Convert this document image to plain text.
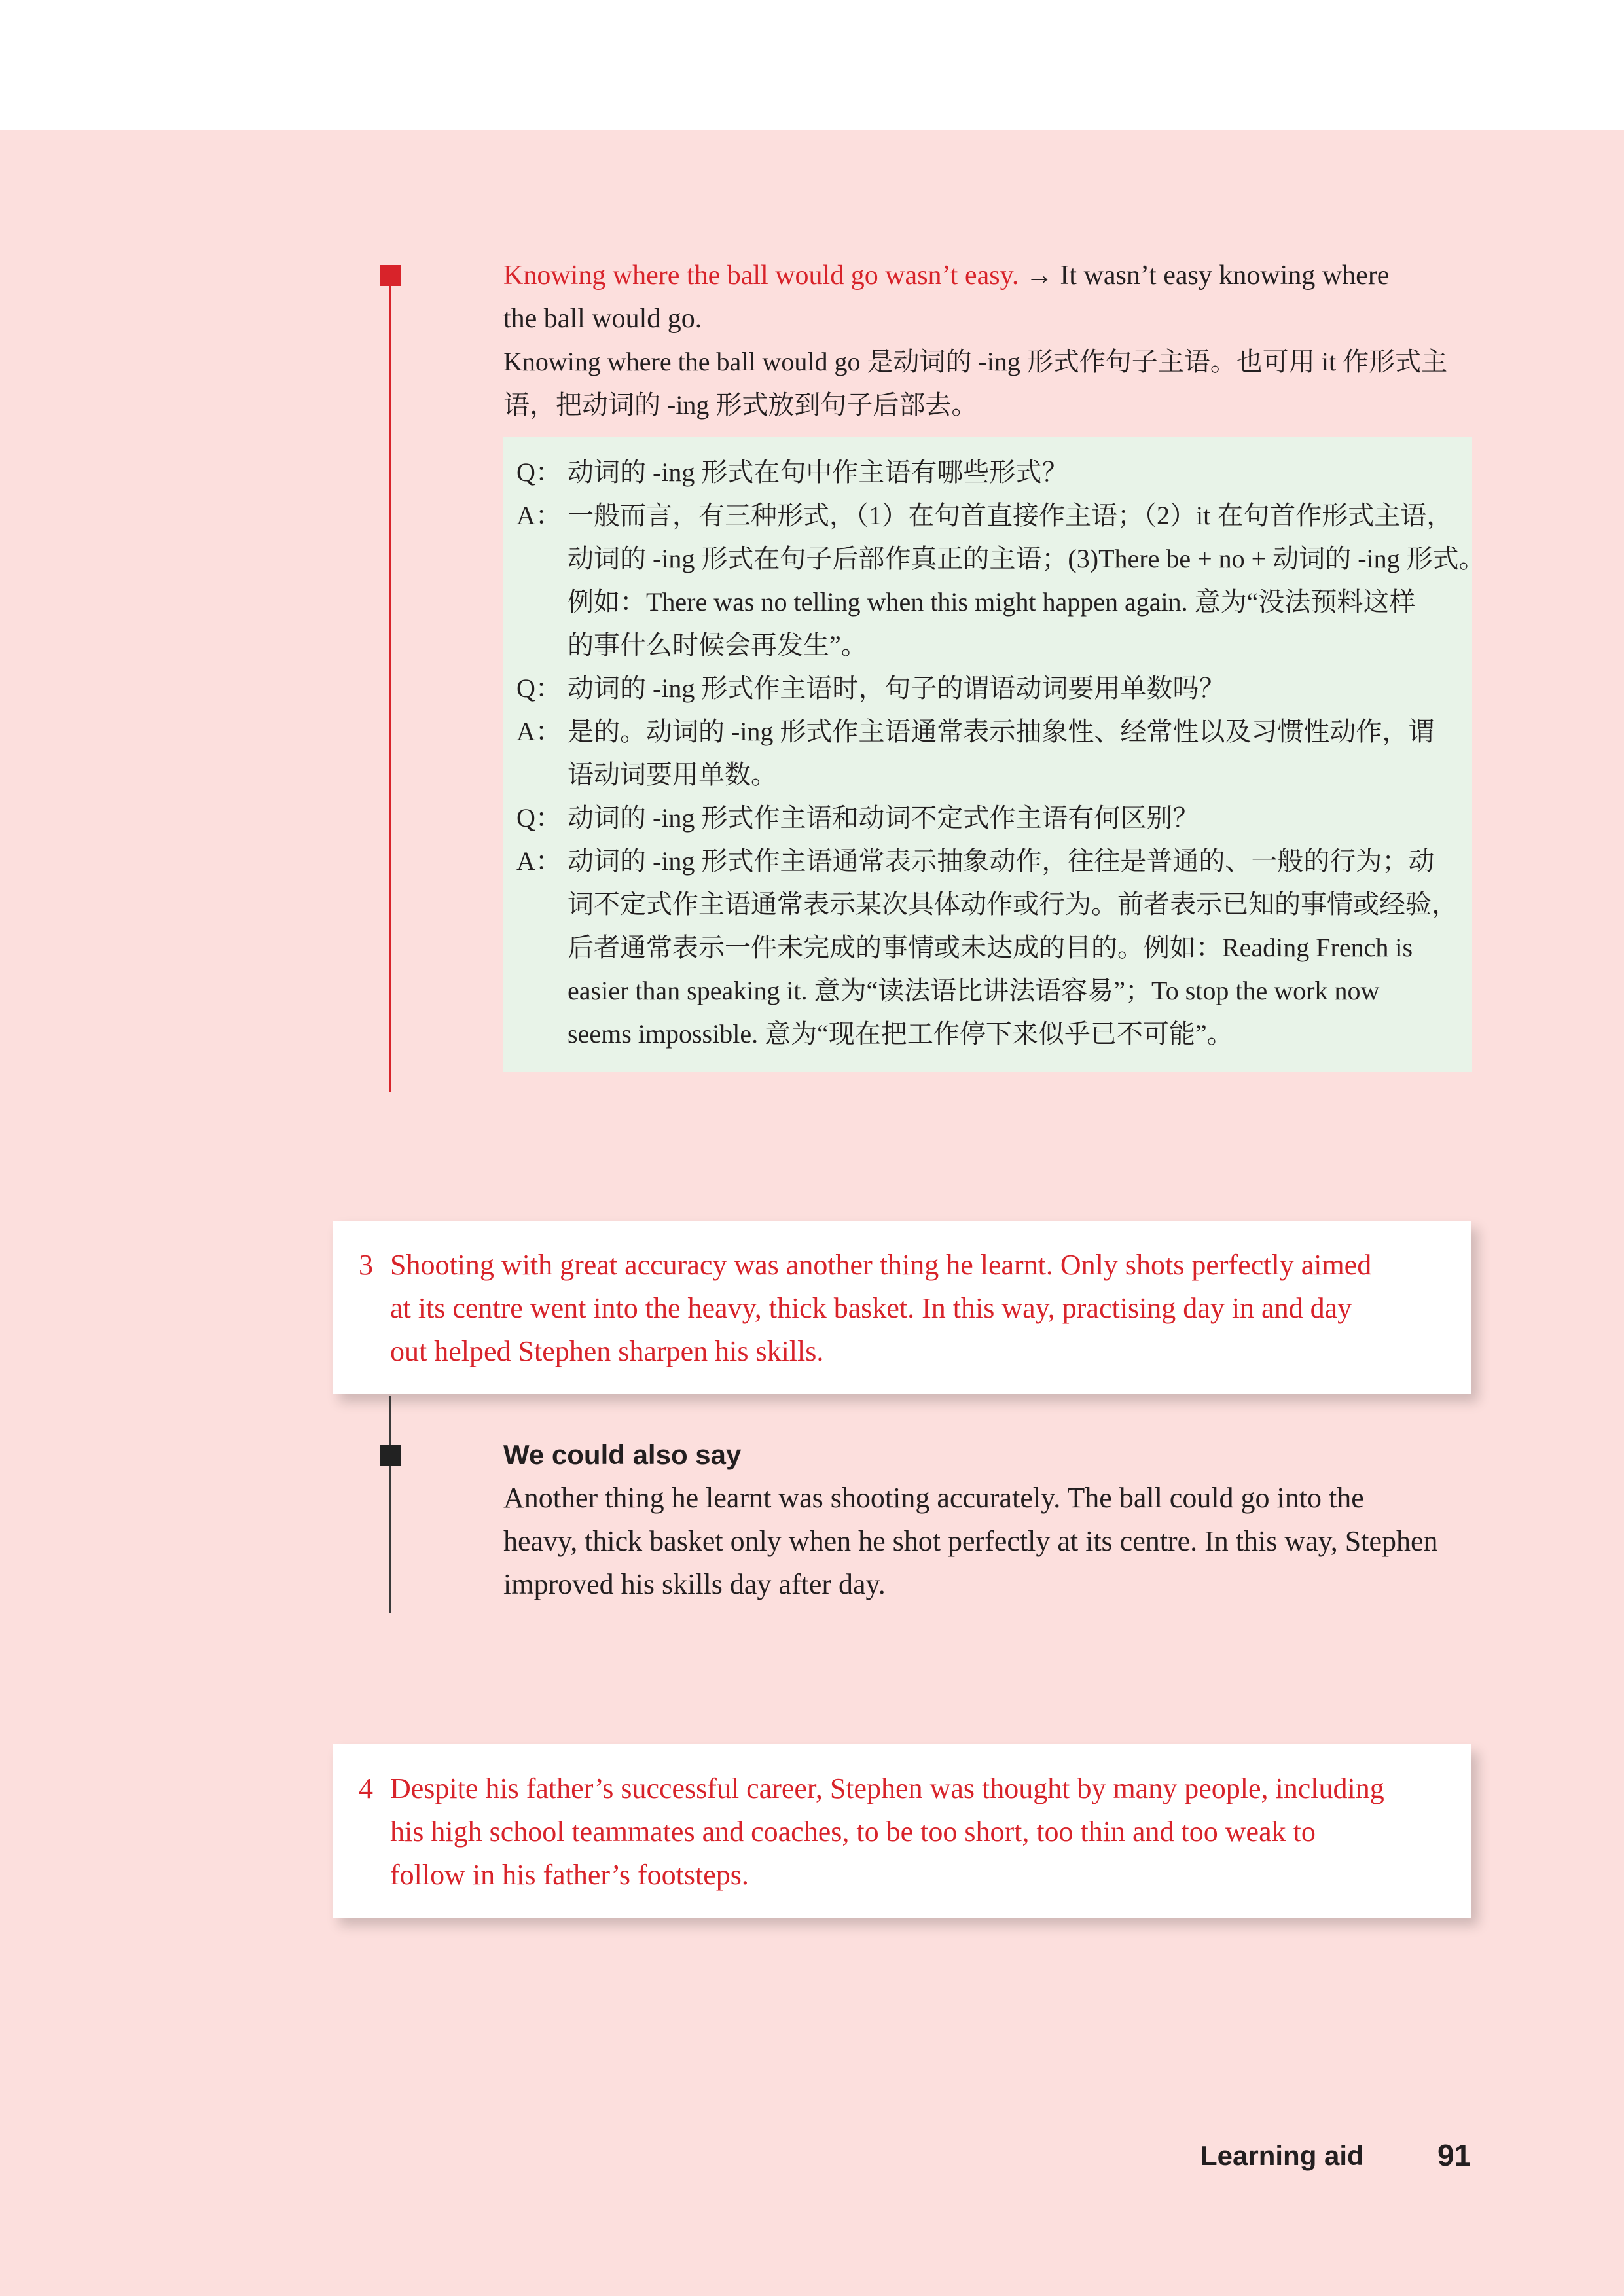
Knowing where the ball would go wasn’t easy. → It wasn’t easy knowing where
the ball would go.
Knowing where the ball would go 是动词的 -ing 形式作句子主语。也可用 it 作形式主
语，把动词的 -ing 形式放到句子后部去。
Q： 动词的 -ing 形式在句中作主语有哪些形式？
A： 一般而言，有三种形式，（1）在句首直接作主语；（2）it 在句首作形式主语，
动词的 -ing 形式在句子后部作真正的主语；(3)There be + no + 动词的 -ing 形式。
例如：There was no telling when this might happen again. 意为“没法预料这样
的事什么时候会再发生”。
Q： 动词的 -ing 形式作主语时，句子的谓语动词要用单数吗？
A： 是的。动词的 -ing 形式作主语通常表示抽象性、经常性以及习惯性动作，谓
语动词要用单数。
Q： 动词的 -ing 形式作主语和动词不定式作主语有何区别？
A： 动词的 -ing 形式作主语通常表示抽象动作，往往是普通的、一般的行为；动
词不定式作主语通常表示某次具体动作或行为。前者表示已知的事情或经验，
后者通常表示一件未完成的事情或未达成的目的。例如：Reading French is
easier than speaking it. 意为“读法语比讲法语容易”；To stop the work now
seems impossible. 意为“现在把工作停下来似乎已不可能”。
3 Shooting with great accuracy was another thing he learnt. Only shots perfectly aimed
at its centre went into the heavy, thick basket. In this way, practising day in and day
out helped Stephen sharpen his skills.
We could also say
Another thing he learnt was shooting accurately. The ball could go into the
heavy, thick basket only when he shot perfectly at its centre. In this way, Stephen
improved his skills day after day.
4 Despite his father’s successful career, Stephen was thought by many people, including
his high school teammates and coaches, to be too short, too thin and too weak to
follow in his father’s footsteps.
Learning aid 91
